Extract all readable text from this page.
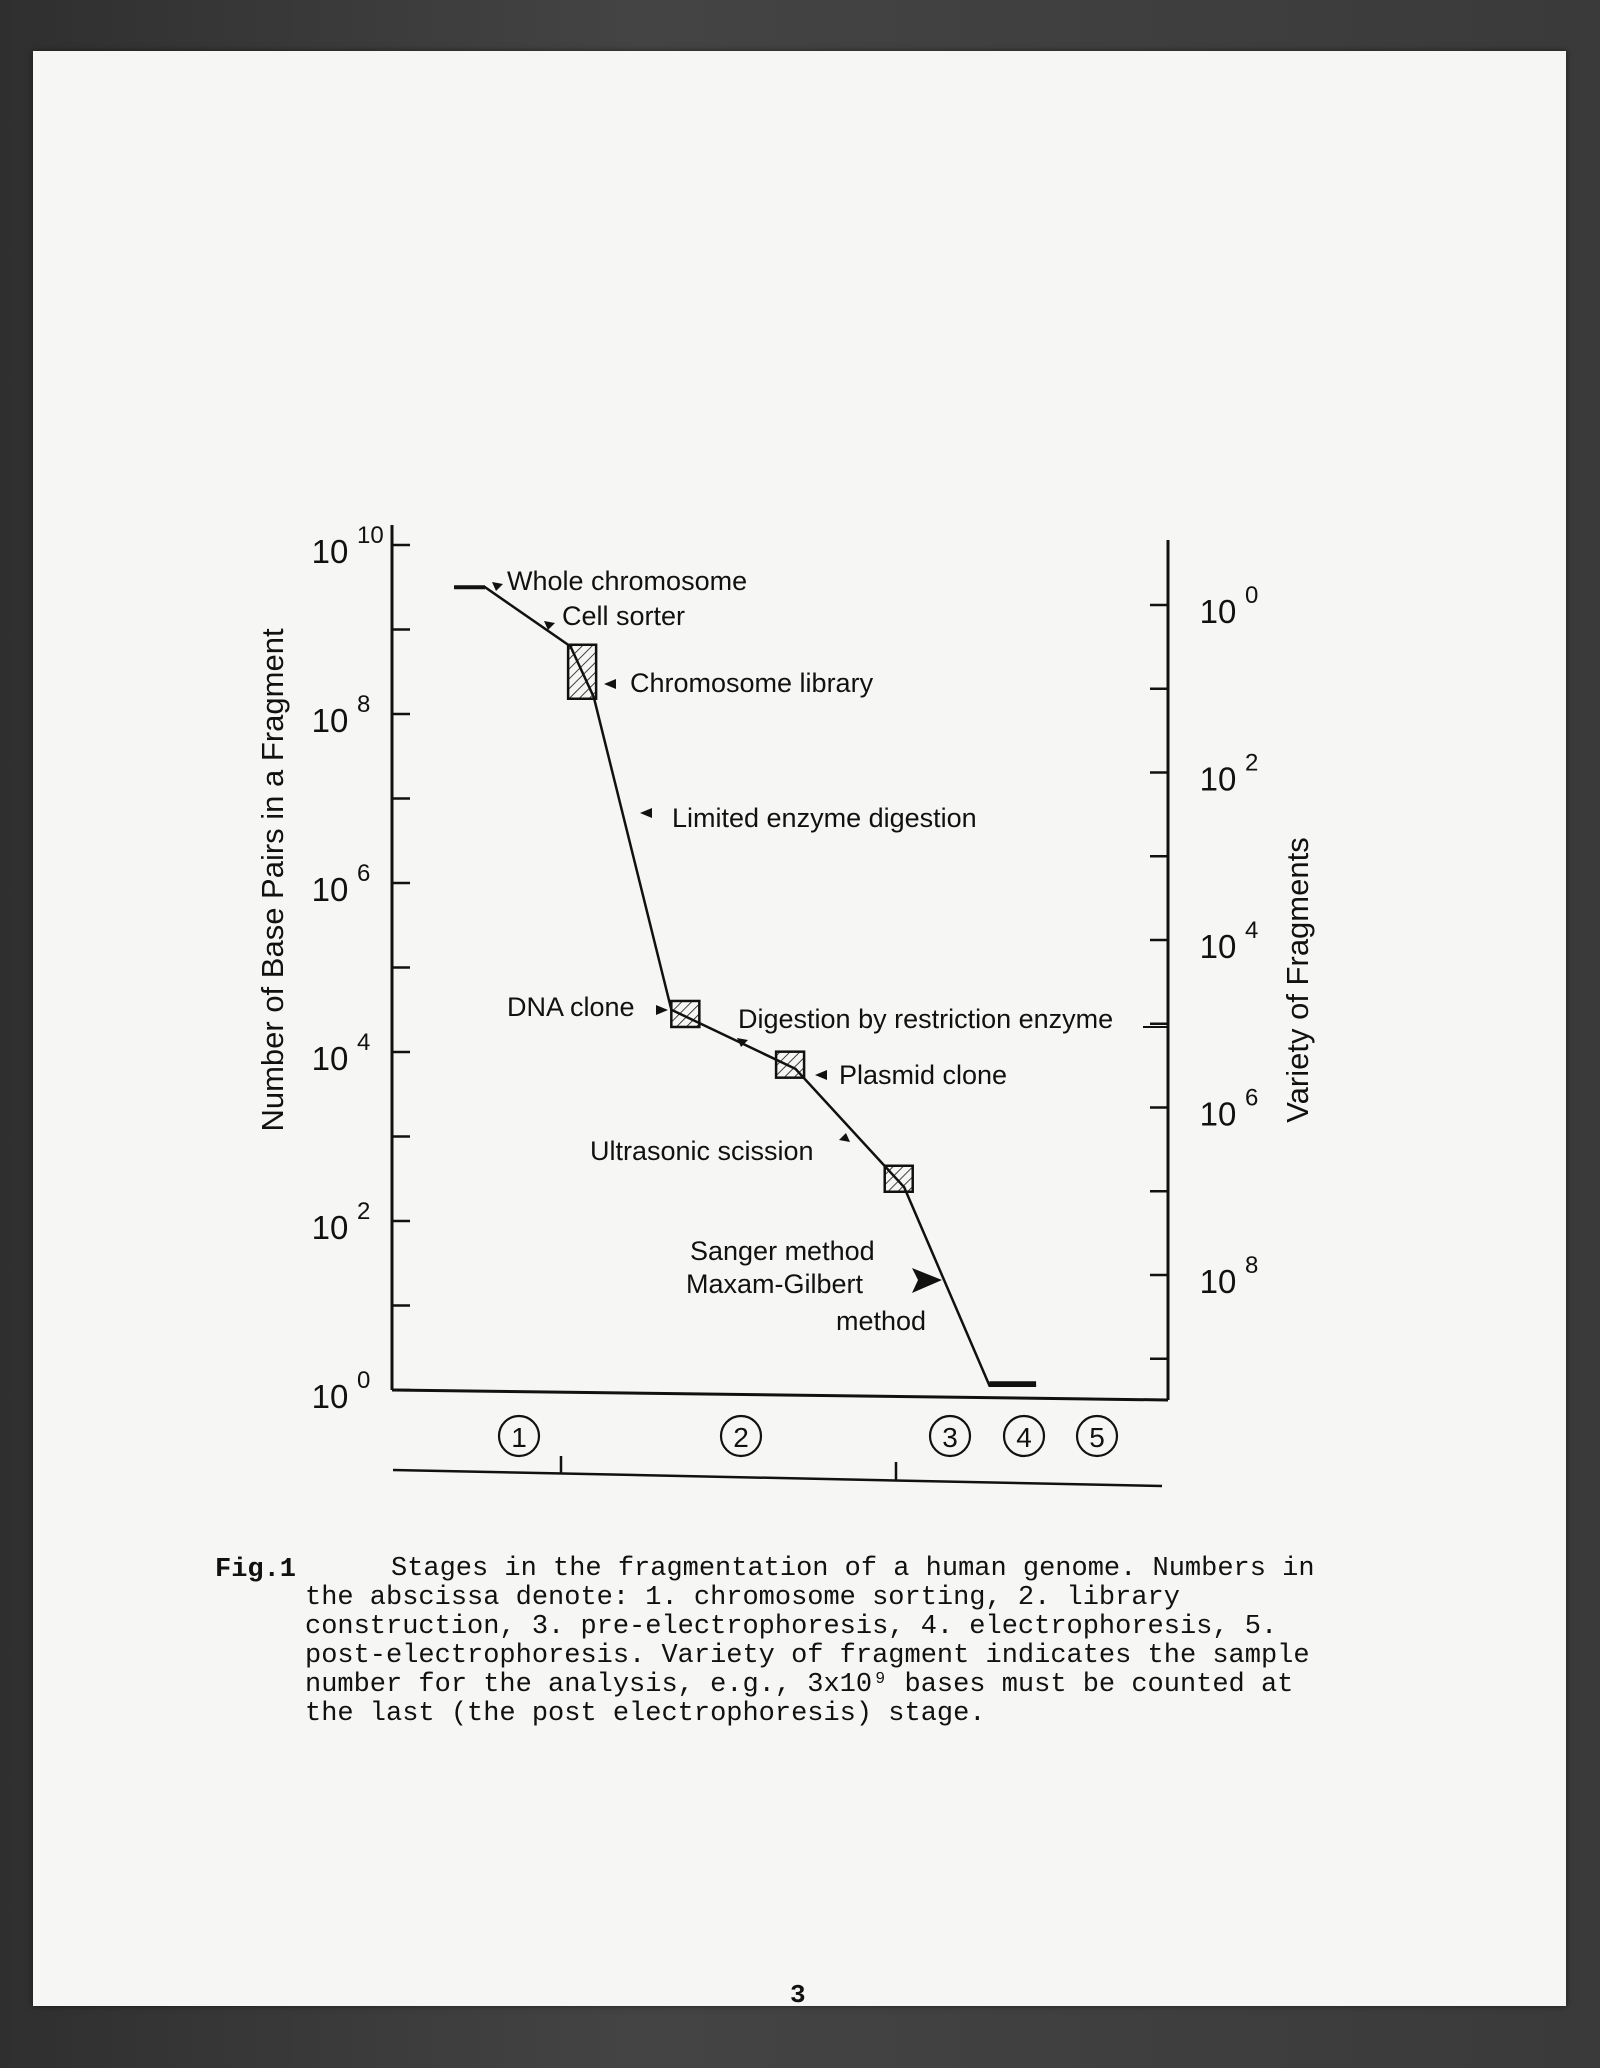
10 10
10 8
10 6
10 4
10 2
10 0
10 0
10 2
10 4
10 6
10 8
Whole chromosome
Cell sorter
Chromosome library
Limited enzyme digestion
DNA clone	Digestion by restriction enzyme
Plasmid clone
Ultrasonic scission
Sanger method
Maxam-Gilbert
method
1	2	3 4 5
Number of Base Pairs in a Fragment	Variety of Fragments
Fig.1	Stages in the fragmentation of a human genome. Numbers in the abscissa denote: 1. chromosome sorting, 2. library construction, 3. pre-electrophoresis, 4. electrophoresis, 5. post-electrophoresis. Variety of fragment indicates the sample number for the analysis, e.g., 3x10⁹ bases must be counted at the last (the post electrophoresis) stage.
3
